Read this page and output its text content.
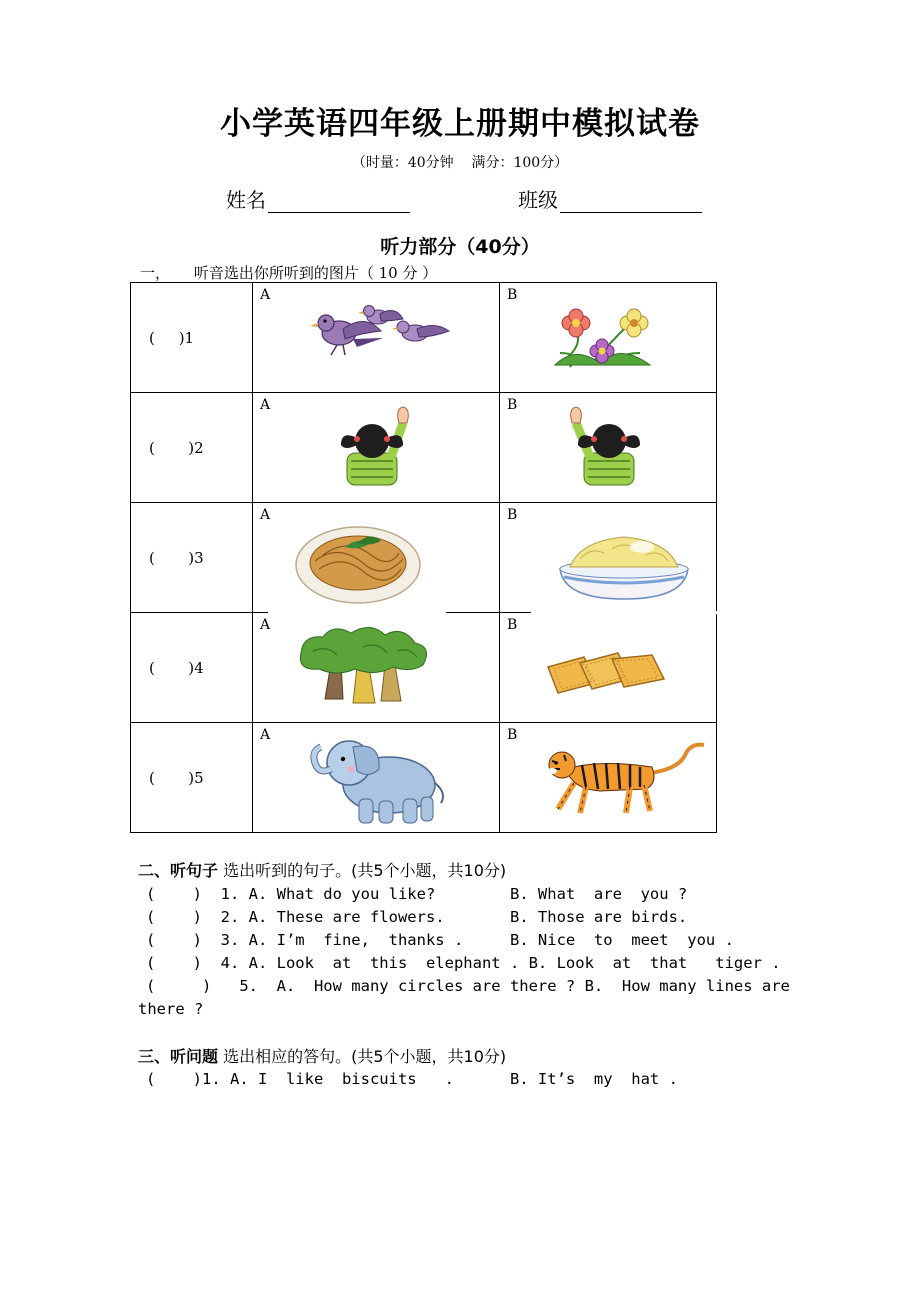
小学英语四年级上册期中模拟试卷
（时量：40分钟    满分：100分）
姓名	班级
听力部分（40分）
一，     听音选出你所听到的图片（ 10 分 ）
(     )1	A	B

(       )2	A	B

(       )3	A	B

(       )4	A	B

(       )5	A	B
二、听句子 选出听到的句子。(共5个小题，共10分)
(    )  1. A. What do you like?        B. What  are  you ?
(    )  2. A. These are flowers.       B. Those are birds.
(    )  3. A. I’m  fine,  thanks .     B. Nice  to  meet  you .
(    )  4. A. Look  at  this  elephant . B. Look  at  that   tiger .
(     )   5.  A.  How many circles are there ? B.  How many lines are
there ?
三、听问题 选出相应的答句。(共5个小题，共10分)
(    )1. A. I  like  biscuits   .      B. It’s  my  hat .
